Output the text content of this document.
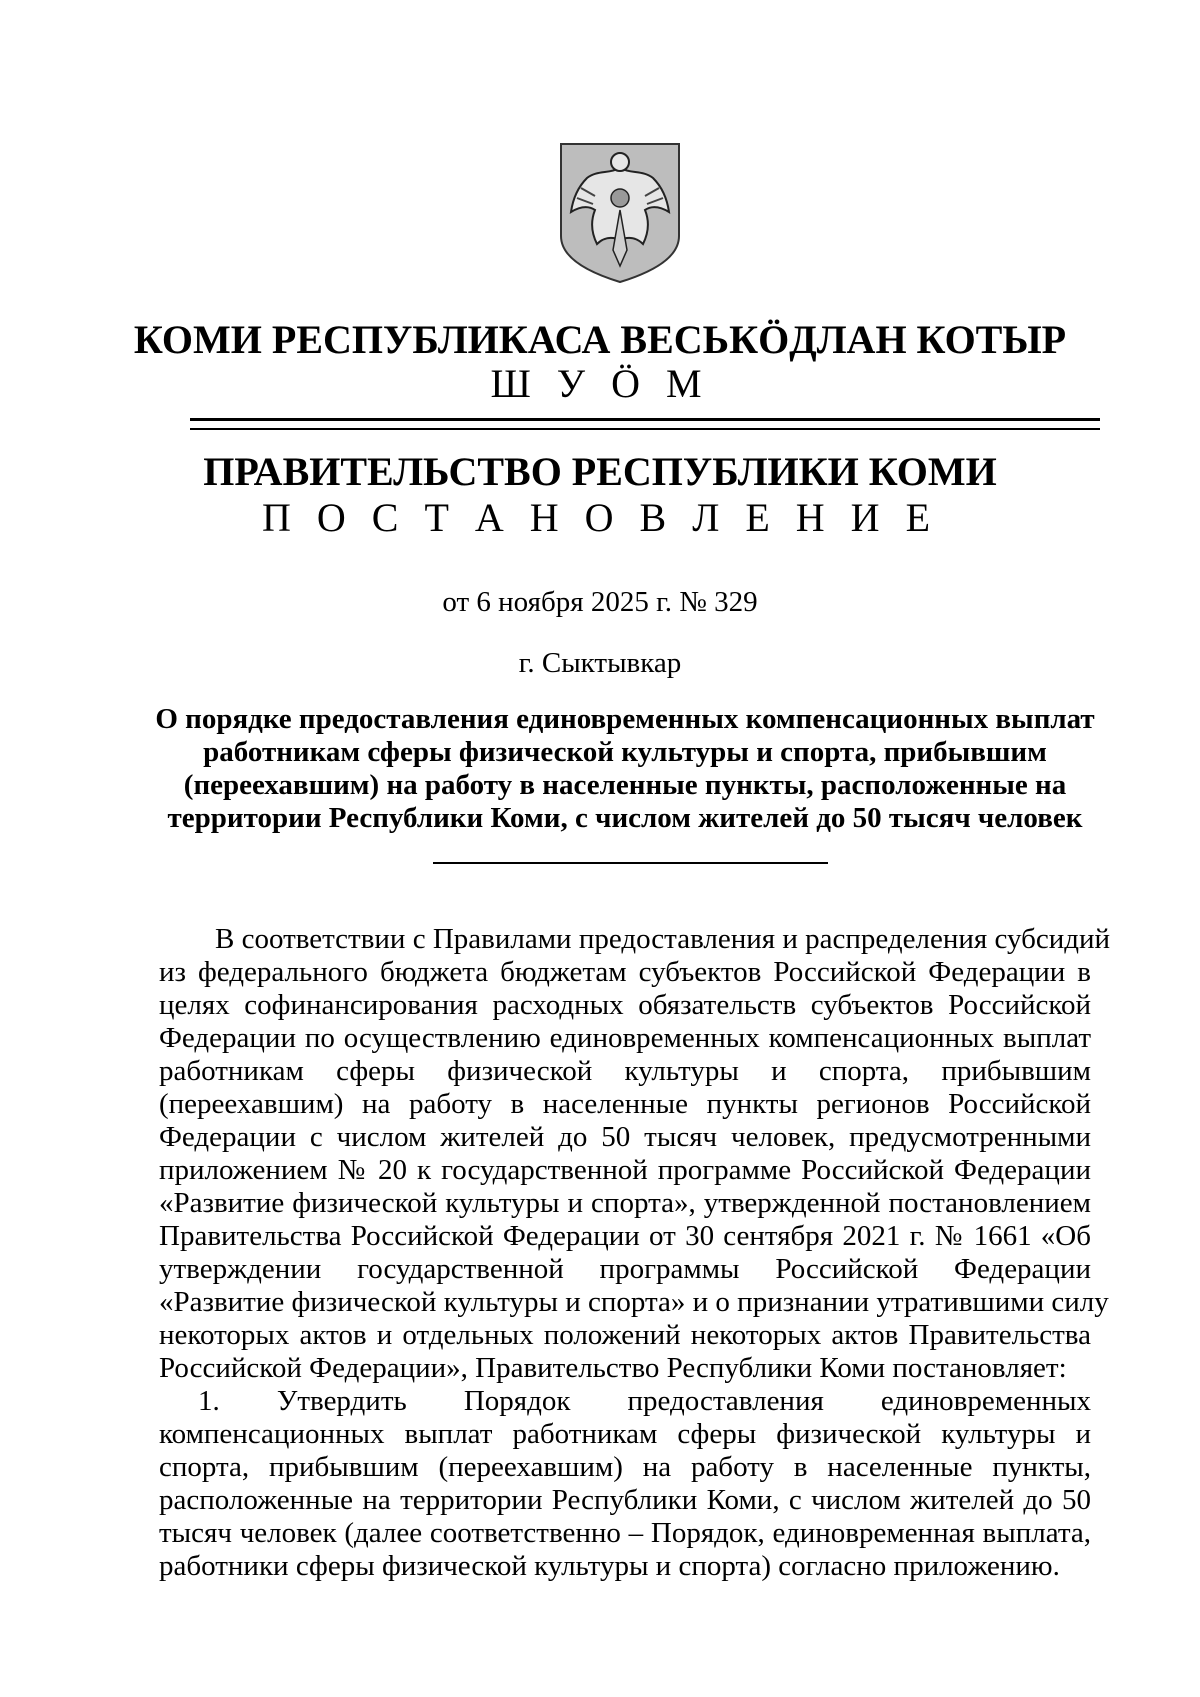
КОМИ РЕСПУБЛИКАСА ВЕСЬКӦДЛАН КОТЫР
Ш У Ӧ М
ПРАВИТЕЛЬСТВО РЕСПУБЛИКИ КОМИ
П О С Т А Н О В Л Е Н И Е
от 6 ноября 2025 г. № 329
г. Сыктывкар
О порядке предоставления единовременных компенсационных выплат
работникам сферы физической культуры и спорта, прибывшим
(переехавшим) на работу в населенные пункты, расположенные на
территории Республики Коми, с числом жителей до 50 тысяч человек
В соответствии с Правилами предоставления и распределения субсидий
из федерального бюджета бюджетам субъектов Российской Федерации в
целях софинансирования расходных обязательств субъектов Российской
Федерации по осуществлению единовременных компенсационных выплат
работникам сферы физической культуры и спорта, прибывшим
(переехавшим) на работу в населенные пункты регионов Российской
Федерации с числом жителей до 50 тысяч человек, предусмотренными
приложением № 20 к государственной программе Российской Федерации
«Развитие физической культуры и спорта», утвержденной постановлением
Правительства Российской Федерации от 30 сентября 2021 г. № 1661 «Об
утверждении государственной программы Российской Федерации
«Развитие физической культуры и спорта» и о признании утратившими силу
некоторых актов и отдельных положений некоторых актов Правительства
Российской Федерации», Правительство Республики Коми постановляет:
1. Утвердить Порядок предоставления единовременных
компенсационных выплат работникам сферы физической культуры и
спорта, прибывшим (переехавшим) на работу в населенные пункты,
расположенные на территории Республики Коми, с числом жителей до 50
тысяч человек (далее соответственно – Порядок, единовременная выплата,
работники сферы физической культуры и спорта) согласно приложению.
